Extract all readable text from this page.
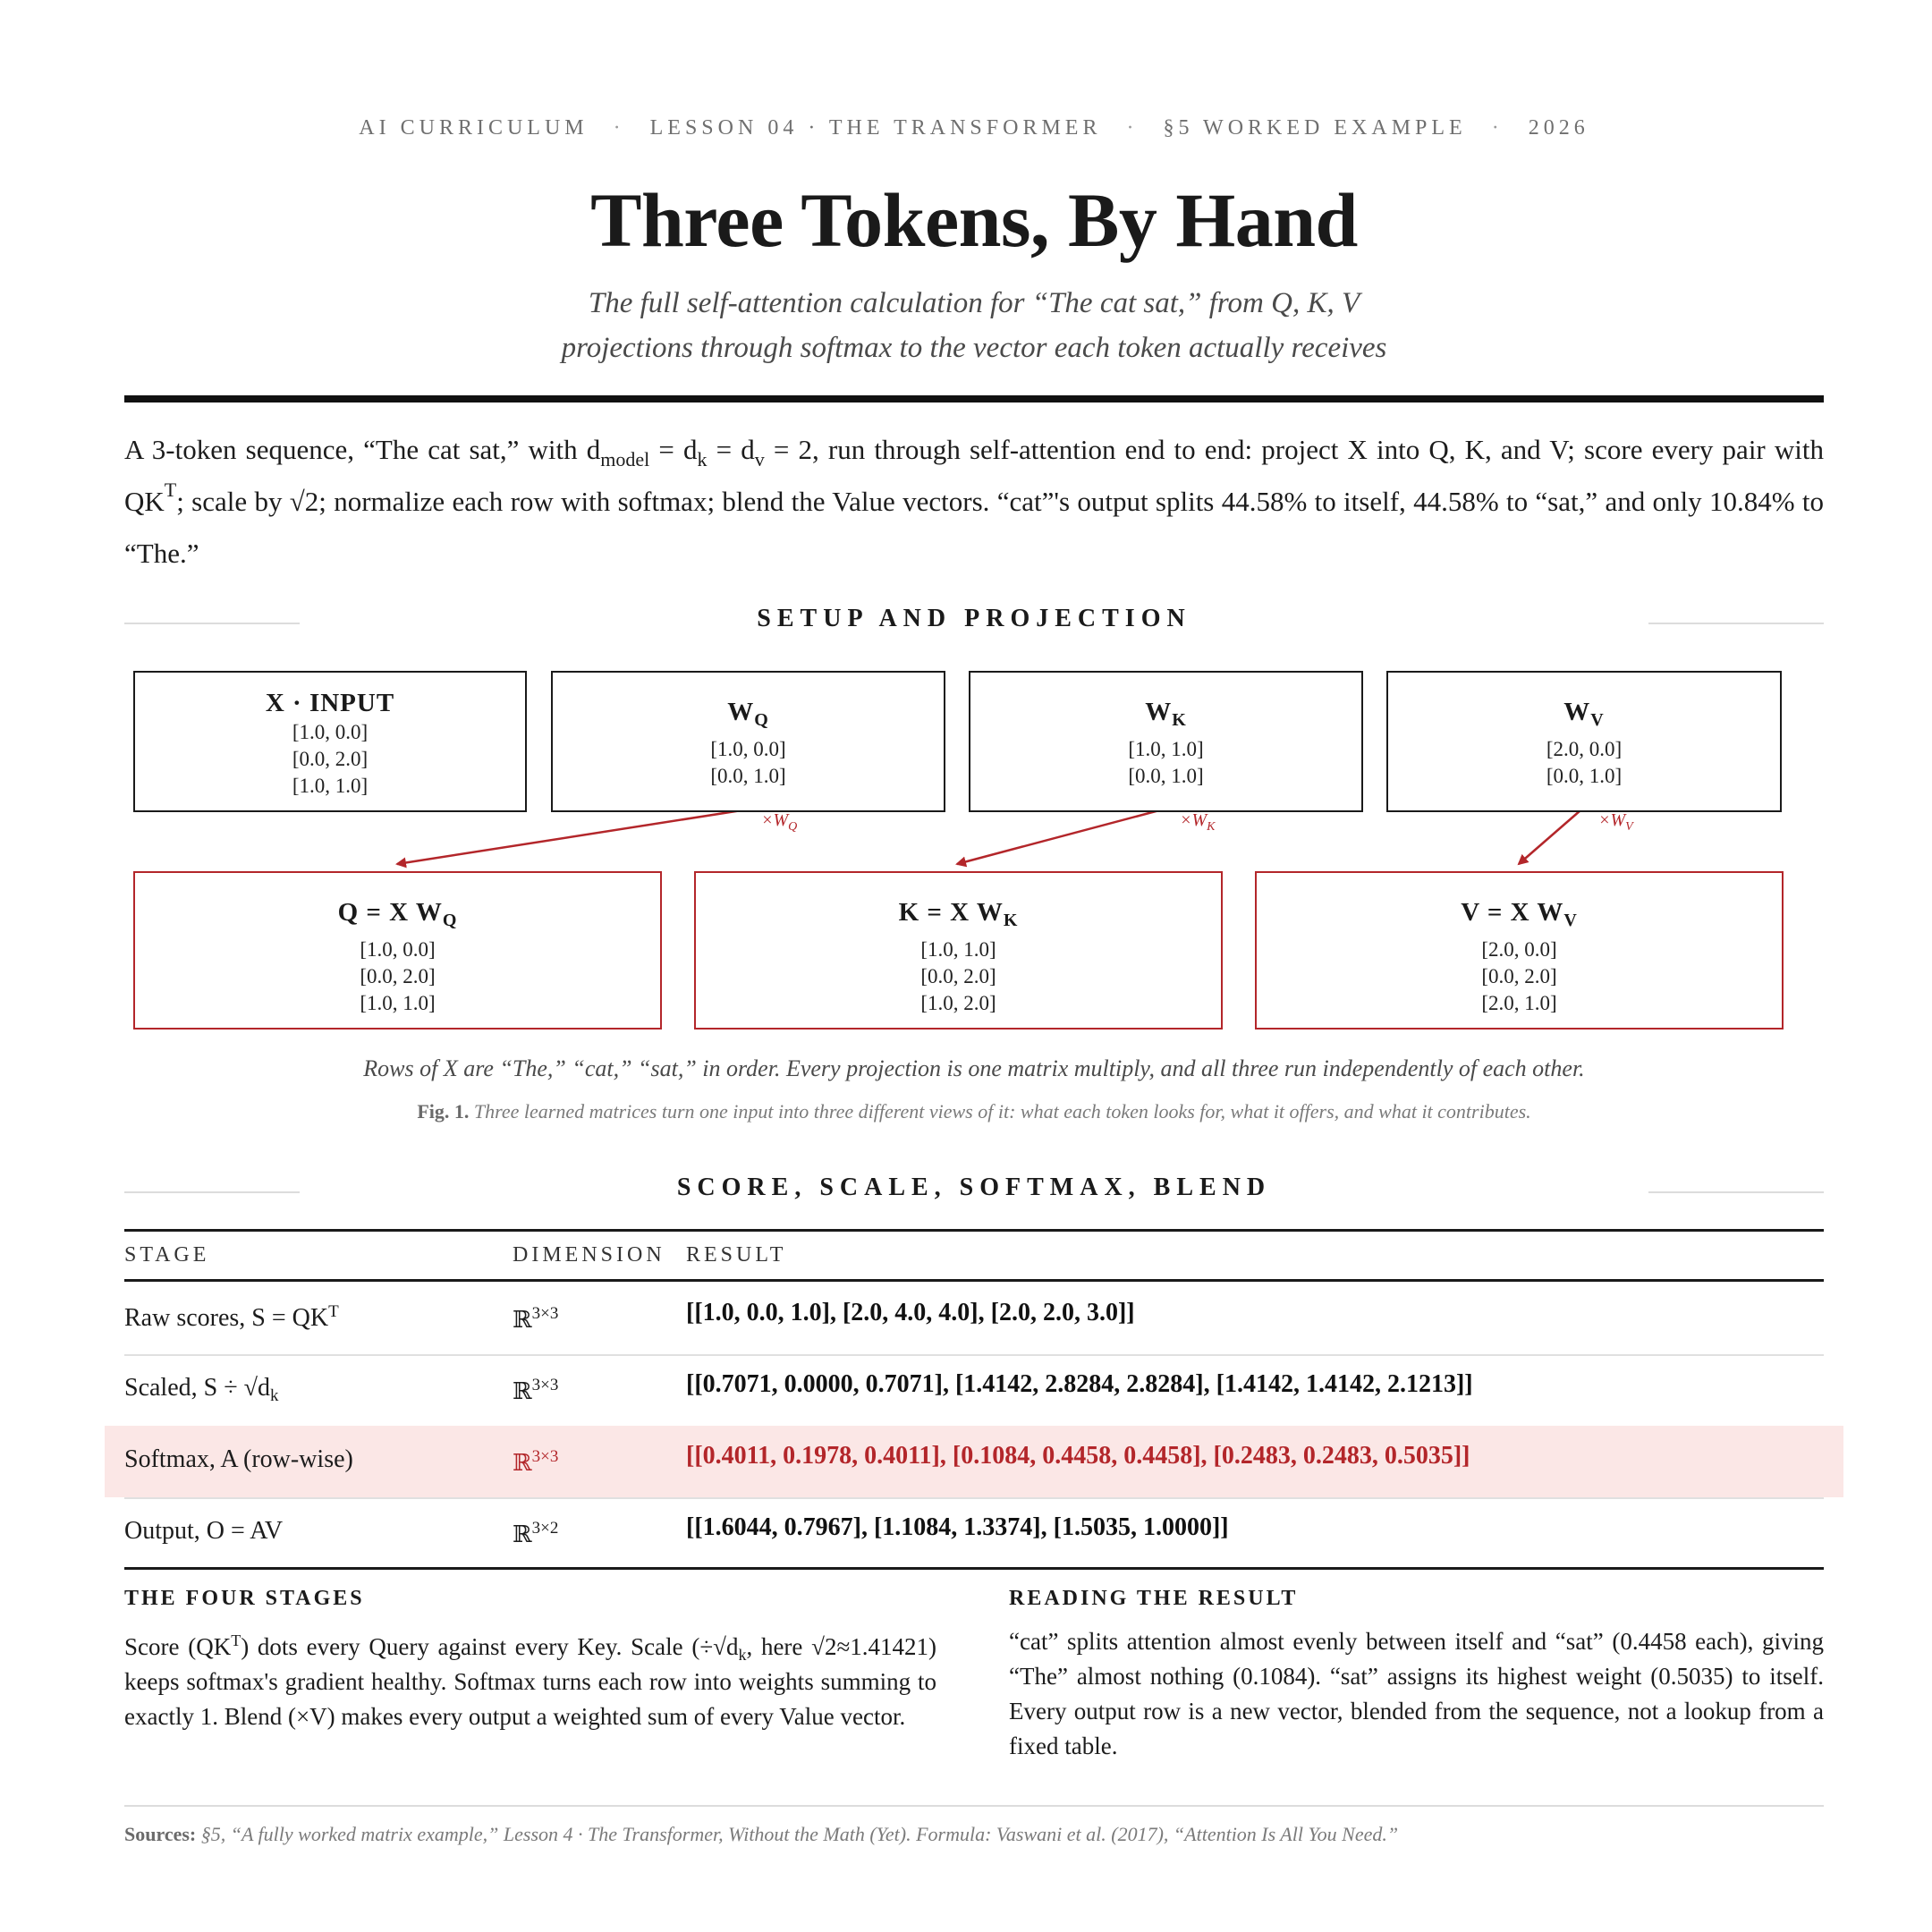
AI CURRICULUM · LESSON 04 · THE TRANSFORMER · §5 WORKED EXAMPLE · 2026
Three Tokens, By Hand
The full self-attention calculation for “The cat sat,” from Q, K, V
projections through softmax to the vector each token actually receives
A 3-token sequence, “The cat sat,” with $d_{model} = d_k = d_v = 2$, run through self-attention end to end: project X into Q, K, and V; score every pair with $QK^T$; scale by √2; normalize each row with softmax; blend the Value vectors. “cat”'s output splits 44.58% to itself, 44.58% to “sat,” and only 10.84% to “The.”
SETUP AND PROJECTION
X · INPUT
[1.0, 0.0]
[0.0, 2.0]
[1.0, 1.0]
$W_Q$
[1.0, 0.0]
[0.0, 1.0]
$W_K$
[1.0, 1.0]
[0.0, 1.0]
$W_V$
[2.0, 0.0]
[0.0, 1.0]
$\times W_Q$	$\times W_K$	$\times W_V$
Q = X $W_Q$
[1.0, 0.0]
[0.0, 2.0]
[1.0, 1.0]
K = X $W_K$
[1.0, 1.0]
[0.0, 2.0]
[1.0, 2.0]
V = X $W_V$
[2.0, 0.0]
[0.0, 2.0]
[2.0, 1.0]
Rows of X are “The,” “cat,” “sat,” in order. Every projection is one matrix multiply, and all three run independently of each other.
Fig. 1. Three learned matrices turn one input into three different views of it: what each token looks for, what it offers, and what it contributes.
SCORE, SCALE, SOFTMAX, BLEND
STAGE	DIMENSION RESULT
Raw scores, $S = QK^T$	ℝ$^{3\times 3}$	[[1.0, 0.0, 1.0], [2.0, 4.0, 4.0], [2.0, 2.0, 3.0]]
Scaled, $S \div √d_k$	ℝ$^{3\times 3}$	[[0.7071, 0.0000, 0.7071], [1.4142, 2.8284, 2.8284], [1.4142, 1.4142, 2.1213]]
Softmax, A (row-wise)	ℝ$^{3\times 3}$	[[0.4011, 0.1978, 0.4011], [0.1084, 0.4458, 0.4458], [0.2483, 0.2483, 0.5035]]
Output, O = AV	ℝ$^{3\times 2}$	[[1.6044, 0.7967], [1.1084, 1.3374], [1.5035, 1.0000]]
THE FOUR STAGES
Score $(QK^T)$ dots every Query against every Key. Scale ($\div√d_k$, here √2≈1.41421) keeps softmax's gradient healthy. Softmax turns each row into weights summing to exactly 1. Blend (×V) makes every output a weighted sum of every Value vector.
READING THE RESULT
“cat” splits attention almost evenly between itself and “sat” (0.4458 each), giving “The” almost nothing (0.1084). “sat” assigns its highest weight (0.5035) to itself. Every output row is a new vector, blended from the sequence, not a lookup from a fixed table.
Sources: §5, “A fully worked matrix example,” Lesson 4 · The Transformer, Without the Math (Yet). Formula: Vaswani et al. (2017), “Attention Is All You Need.”
